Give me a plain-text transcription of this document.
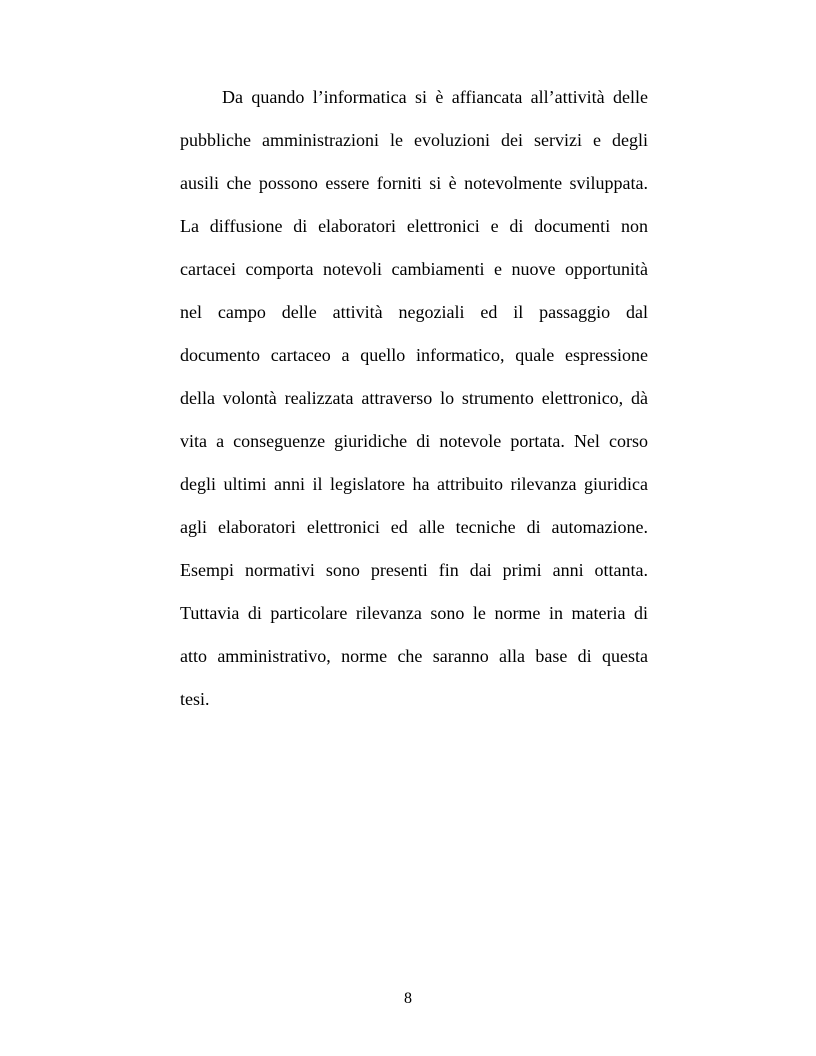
Da quando l’informatica si è affiancata all’attività delle
pubbliche amministrazioni le evoluzioni dei servizi e degli
ausili che possono essere forniti si è notevolmente sviluppata.
La diffusione di elaboratori elettronici e di documenti non
cartacei comporta notevoli cambiamenti e nuove opportunità
nel campo delle attività negoziali ed il passaggio dal
documento cartaceo a quello informatico, quale espressione
della volontà realizzata attraverso lo strumento elettronico, dà
vita a conseguenze giuridiche di notevole portata. Nel corso
degli ultimi anni il legislatore ha attribuito rilevanza giuridica
agli elaboratori elettronici ed alle tecniche di automazione.
Esempi normativi sono presenti fin dai primi anni ottanta.
Tuttavia di particolare rilevanza sono le norme in materia di
atto amministrativo, norme che saranno alla base di questa
tesi.
8
